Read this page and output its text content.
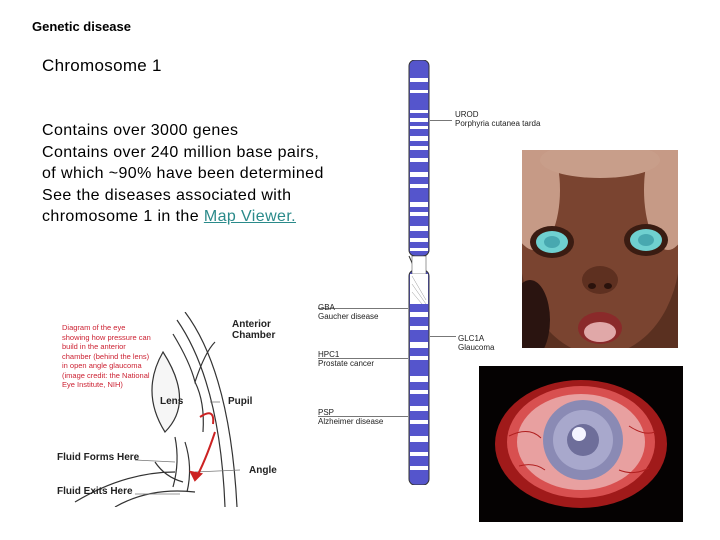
Genetic disease
Chromosome 1
Contains over 3000 genes
Contains over 240 million base pairs,
of which ~90% have been determined
See the diseases associated with
chromosome 1 in the Map Viewer.
UROD
Porphyria cutanea tarda
GBA
Gaucher disease
GLC1A
Glaucoma
HPC1
Prostate cancer
PSP
Alzheimer disease
Diagram of the eye showing how pressure can build in the anterior chamber (behind the lens) in open angle glaucoma (image credit: the National Eye Institute, NIH)
Anterior Chamber
Lens	Pupil
Fluid Forms Here
Angle
Fluid Exits Here
